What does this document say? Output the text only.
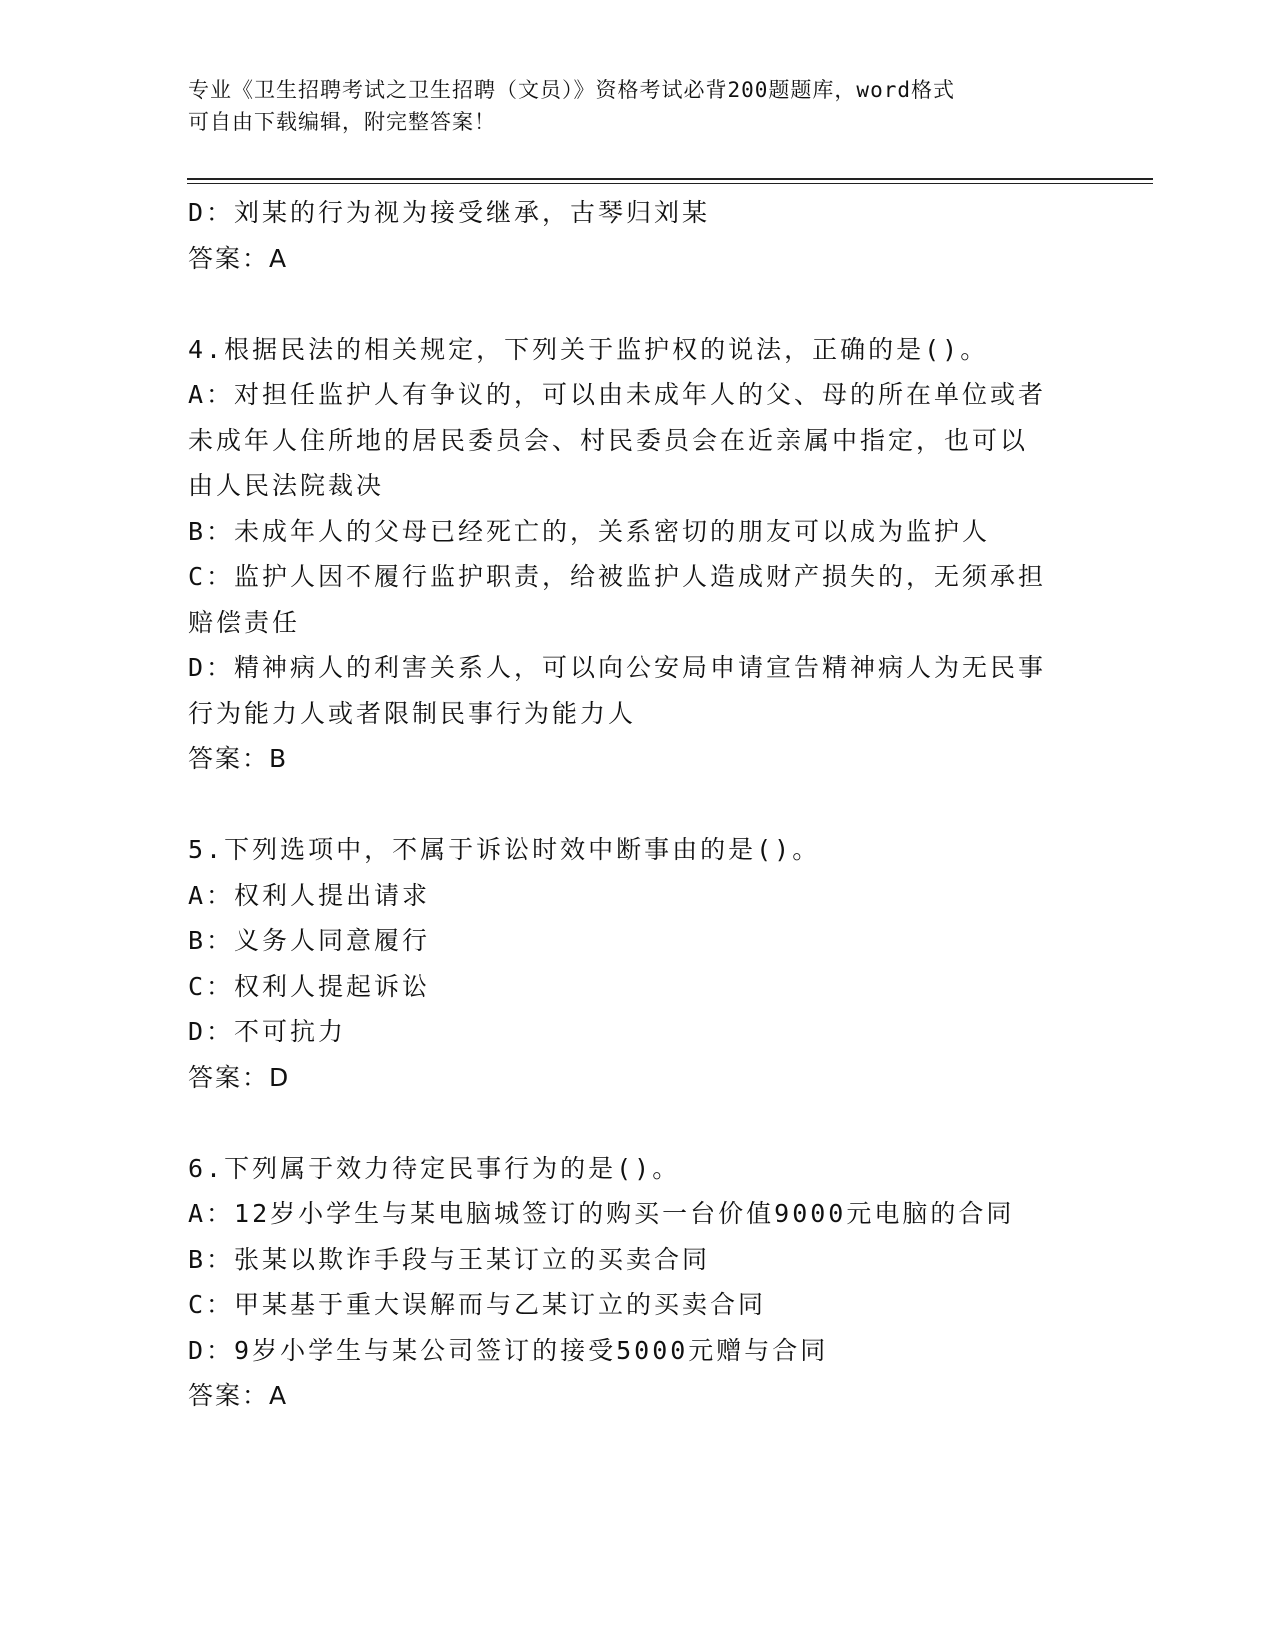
专业《卫生招聘考试之卫生招聘（文员）》资格考试必背200题题库，word格式
可自由下载编辑，附完整答案！
D：刘某的行为视为接受继承，古琴归刘某
答案：A
4.根据民法的相关规定，下列关于监护权的说法，正确的是()。
A：对担任监护人有争议的，可以由未成年人的父、母的所在单位或者
未成年人住所地的居民委员会、村民委员会在近亲属中指定，也可以
由人民法院裁决
B：未成年人的父母已经死亡的，关系密切的朋友可以成为监护人
C：监护人因不履行监护职责，给被监护人造成财产损失的，无须承担
赔偿责任
D：精神病人的利害关系人，可以向公安局申请宣告精神病人为无民事
行为能力人或者限制民事行为能力人
答案：B
5.下列选项中，不属于诉讼时效中断事由的是()。
A：权利人提出请求
B：义务人同意履行
C：权利人提起诉讼
D：不可抗力
答案：D
6.下列属于效力待定民事行为的是()。
A：12岁小学生与某电脑城签订的购买一台价值9000元电脑的合同
B：张某以欺诈手段与王某订立的买卖合同
C：甲某基于重大误解而与乙某订立的买卖合同
D：9岁小学生与某公司签订的接受5000元赠与合同
答案：A
